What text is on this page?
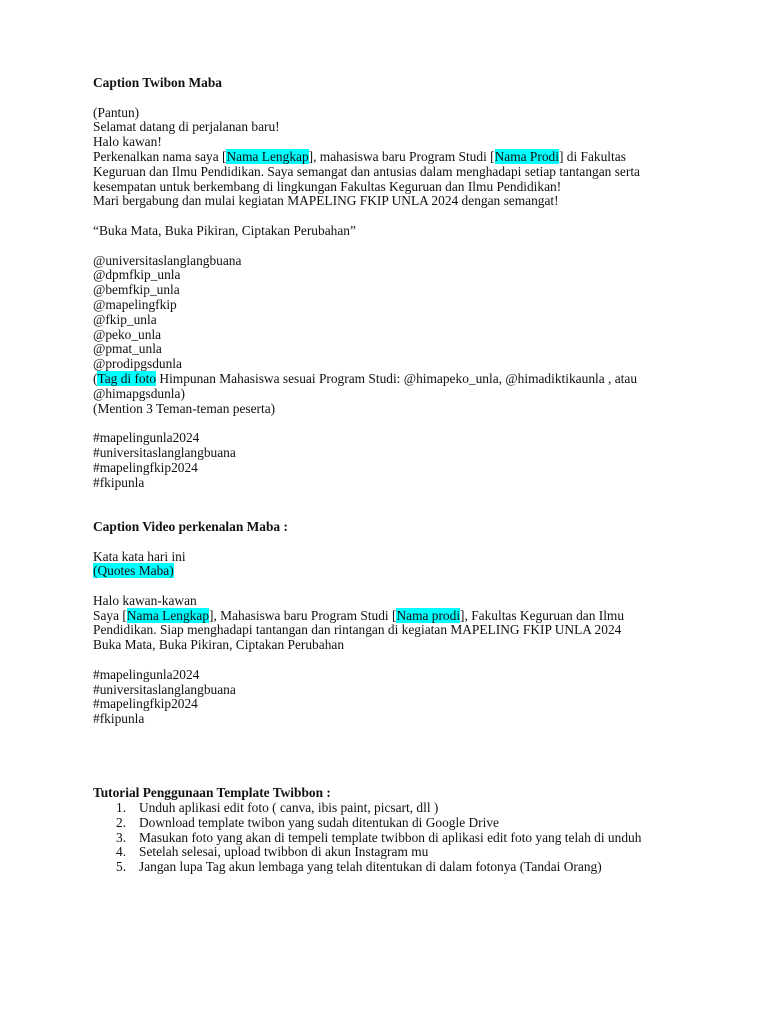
Caption Twibon Maba
(Pantun)
Selamat datang di perjalanan baru!
Halo kawan!
Perkenalkan nama saya [Nama Lengkap], mahasiswa baru Program Studi [Nama Prodi] di Fakultas
Keguruan dan Ilmu Pendidikan. Saya semangat dan antusias dalam menghadapi setiap tantangan serta
kesempatan untuk berkembang di lingkungan Fakultas Keguruan dan Ilmu Pendidikan!
Mari bergabung dan mulai kegiatan MAPELING FKIP UNLA 2024 dengan semangat!
“Buka Mata, Buka Pikiran, Ciptakan Perubahan”
@universitaslanglangbuana
@dpmfkip_unla
@bemfkip_unla
@mapelingfkip
@fkip_unla
@peko_unla
@pmat_unla
@prodipgsdunla
(Tag di foto Himpunan Mahasiswa sesuai Program Studi: @himapeko_unla, @himadiktikaunla , atau
@himapgsdunla)
(Mention 3 Teman-teman peserta)
#mapelingunla2024
#universitaslanglangbuana
#mapelingfkip2024
#fkipunla
Caption Video perkenalan Maba :
Kata kata hari ini
(Quotes Maba)
Halo kawan-kawan
Saya [Nama Lengkap], Mahasiswa baru Program Studi [Nama prodi], Fakultas Keguruan dan Ilmu
Pendidikan. Siap menghadapi tantangan dan rintangan di kegiatan MAPELING FKIP UNLA 2024
Buka Mata, Buka Pikiran, Ciptakan Perubahan
#mapelingunla2024
#universitaslanglangbuana
#mapelingfkip2024
#fkipunla
Tutorial Penggunaan Template Twibbon :
1. Unduh aplikasi edit foto ( canva, ibis paint, picsart, dll )
2. Download template twibon yang sudah ditentukan di Google Drive
3. Masukan foto yang akan di tempeli template twibbon di aplikasi edit foto yang telah di unduh
4. Setelah selesai, upload twibbon di akun Instagram mu
5. Jangan lupa Tag akun lembaga yang telah ditentukan di dalam fotonya (Tandai Orang)
